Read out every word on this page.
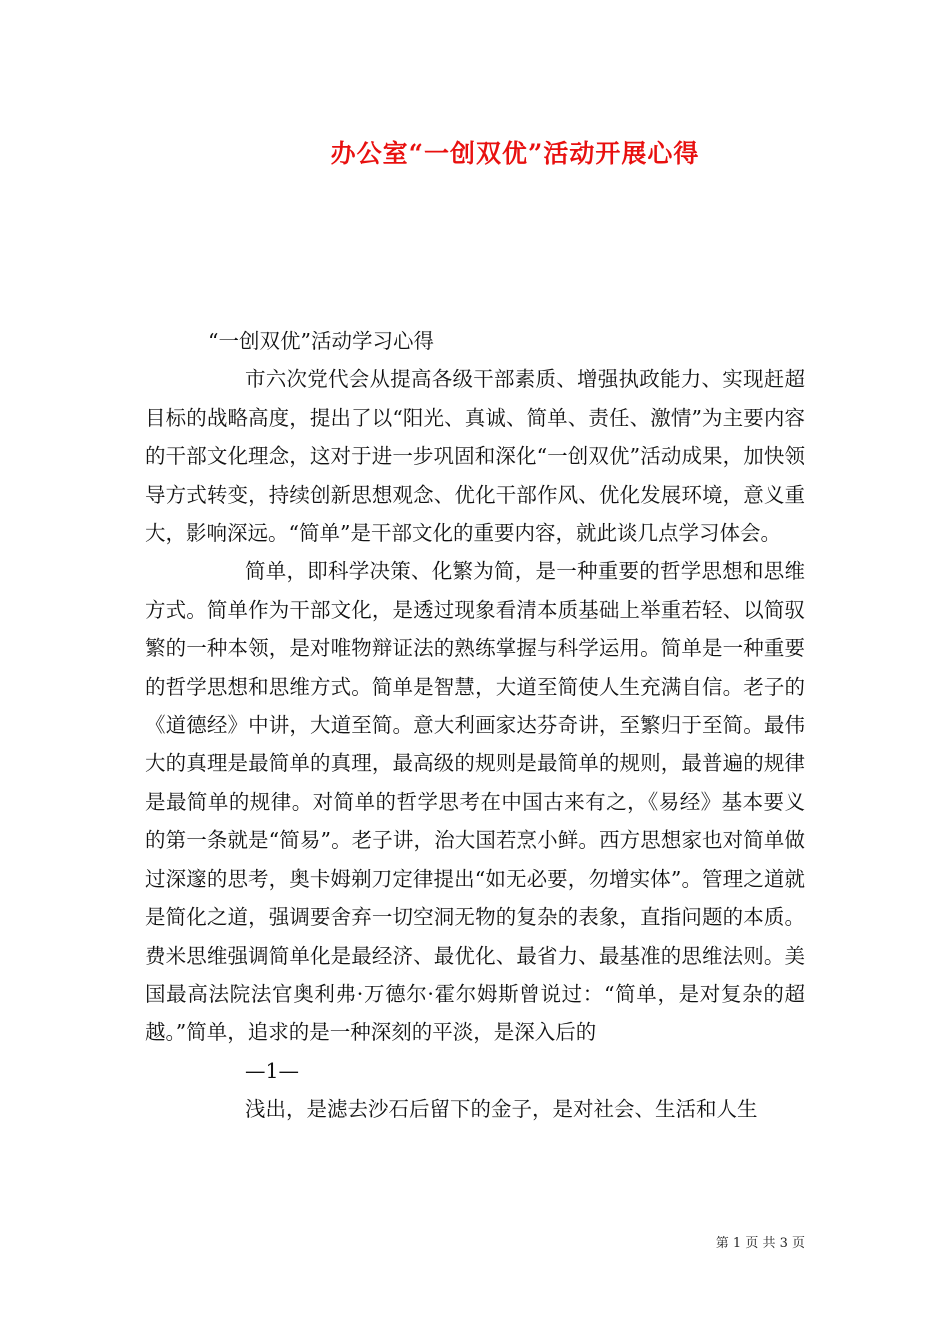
办公室“一创双优”活动开展心得

“一创双优”活动学习心得

市六次党代会从提高各级干部素质、增强执政能力、实现赶超目标的战略高度，提出了以“阳光、真诚、简单、责任、激情”为主要内容的干部文化理念，这对于进一步巩固和深化“一创双优”活动成果，加快领导方式转变，持续创新思想观念、优化干部作风、优化发展环境，意义重大，影响深远。“简单”是干部文化的重要内容，就此谈几点学习体会。

简单，即科学决策、化繁为简，是一种重要的哲学思想和思维方式。简单作为干部文化，是透过现象看清本质基础上举重若轻、以简驭繁的一种本领，是对唯物辩证法的熟练掌握与科学运用。简单是一种重要的哲学思想和思维方式。简单是智慧，大道至简使人生充满自信。老子的《道德经》中讲，大道至简。意大利画家达芬奇讲，至繁归于至简。最伟大的真理是最简单的真理，最高级的规则是最简单的规则，最普遍的规律是最简单的规律。对简单的哲学思考在中国古来有之，《易经》基本要义的第一条就是“简易”。老子讲，治大国若烹小鲜。西方思想家也对简单做过深邃的思考，奥卡姆剃刀定律提出“如无必要，勿增实体”。管理之道就是简化之道，强调要舍弃一切空洞无物的复杂的表象，直指问题的本质。费米思维强调简单化是最经济、最优化、最省力、最基准的思维法则。美国最高法院法官奥利弗·万德尔·霍尔姆斯曾说过：“简单，是对复杂的超越。”简单，追求的是一种深刻的平淡，是深入后的

—1—

浅出，是滤去沙石后留下的金子，是对社会、生活和人生

第 1 页 共 3 页
